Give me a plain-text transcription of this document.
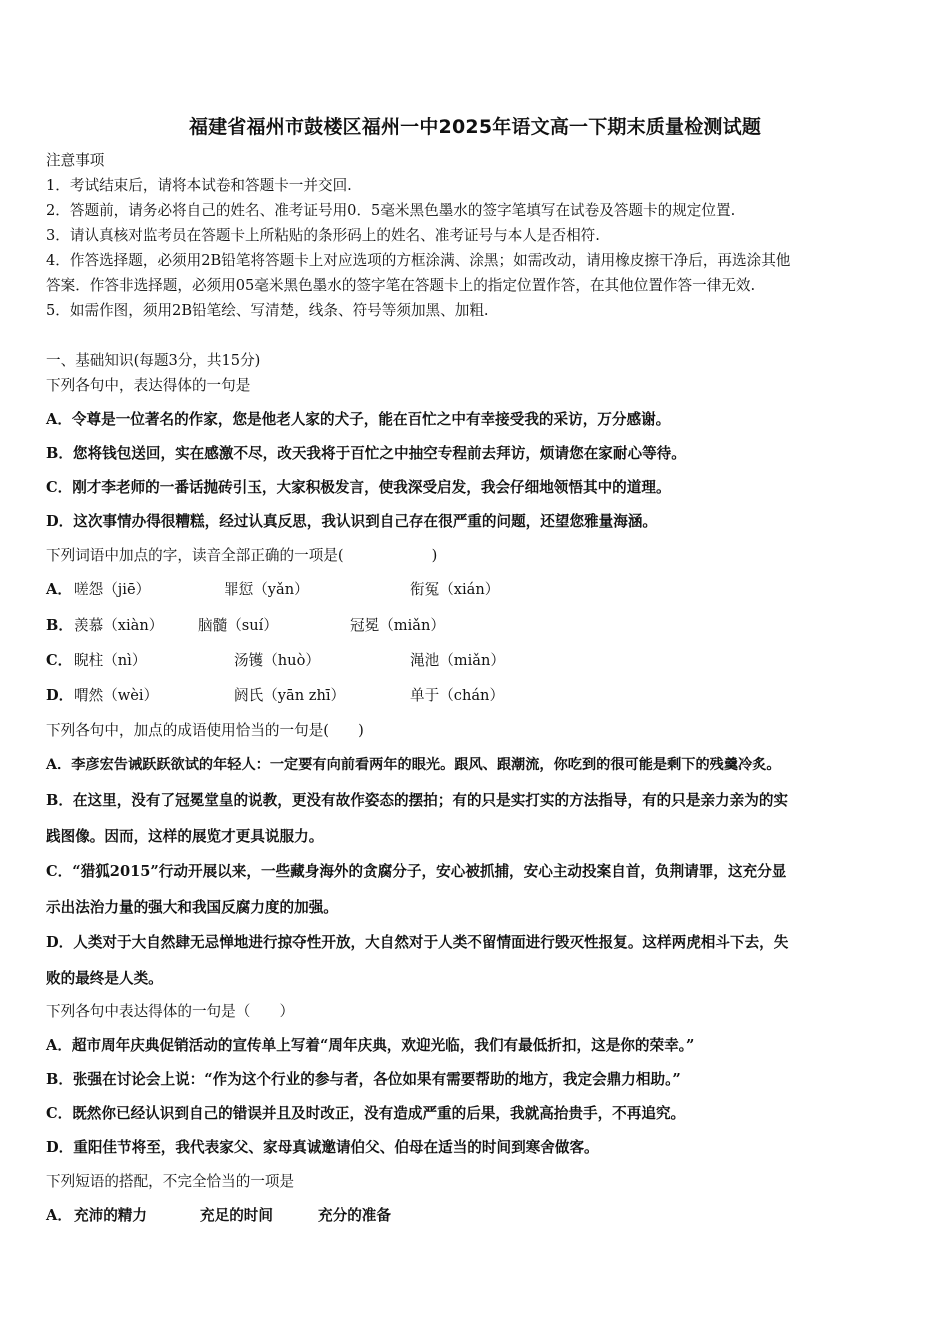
福建省福州市鼓楼区福州一中2025年语文高一下期末质量检测试题
注意事项
1．考试结束后，请将本试卷和答题卡一并交回.
2．答题前，请务必将自己的姓名、准考证号用0．5毫米黑色墨水的签字笔填写在试卷及答题卡的规定位置.
3．请认真核对监考员在答题卡上所粘贴的条形码上的姓名、准考证号与本人是否相符.
4．作答选择题，必须用2B铅笔将答题卡上对应选项的方框涂满、涂黑；如需改动，请用橡皮擦干净后，再选涂其他
答案．作答非选择题，必须用05毫米黑色墨水的签字笔在答题卡上的指定位置作答，在其他位置作答一律无效.
5．如需作图，须用2B铅笔绘、写清楚，线条、符号等须加黑、加粗.
一、基础知识(每题3分，共15分)
下列各句中，表达得体的一句是
A．令尊是一位著名的作家，您是他老人家的犬子，能在百忙之中有幸接受我的采访，万分感谢。
B．您将钱包送回，实在感激不尽，改天我将于百忙之中抽空专程前去拜访，烦请您在家耐心等待。
C．刚才李老师的一番话抛砖引玉，大家积极发言，使我深受启发，我会仔细地领悟其中的道理。
D．这次事情办得很糟糕，经过认真反思，我认识到自己存在很严重的问题，还望您雅量海涵。
下列词语中加点的字，读音全部正确的一项是(	)
A． 嗟怨（jiē）	罪愆（yǎn）	衔冤（xián）
B． 羡慕（xiàn） 脑髓（suí）	冠冕（miǎn）
C． 睨柱（nì）	汤镬（huò）	渑池（miǎn）
D． 喟然（wèi）	阏氏（yān zhī）	单于（chán）
下列各句中，加点的成语使用恰当的一句是(　　)
A．李彦宏告诫跃跃欲试的年轻人：一定要有向前看两年的眼光。跟风、跟潮流，你吃到的很可能是剩下的残羹冷炙。
B．在这里，没有了冠冕堂皇的说教，更没有故作姿态的摆拍；有的只是实打实的方法指导，有的只是亲力亲为的实
践图像。因而，这样的展览才更具说服力。
C．“猎狐2015”行动开展以来，一些藏身海外的贪腐分子，安心被抓捕，安心主动投案自首，负荆请罪，这充分显
示出法治力量的强大和我国反腐力度的加强。
D．人类对于大自然肆无忌惮地进行掠夺性开放，大自然对于人类不留情面进行毁灭性报复。这样两虎相斗下去，失
败的最终是人类。
下列各句中表达得体的一句是（　　）
A．超市周年庆典促销活动的宣传单上写着“周年庆典，欢迎光临，我们有最低折扣，这是你的荣幸。”
B．张强在讨论会上说：“作为这个行业的参与者，各位如果有需要帮助的地方，我定会鼎力相助。”
C．既然你已经认识到自己的错误并且及时改正，没有造成严重的后果，我就高抬贵手，不再追究。
D．重阳佳节将至，我代表家父、家母真诚邀请伯父、伯母在适当的时间到寒舍做客。
下列短语的搭配，不完全恰当的一项是
A． 充沛的精力	充足的时间	充分的准备
